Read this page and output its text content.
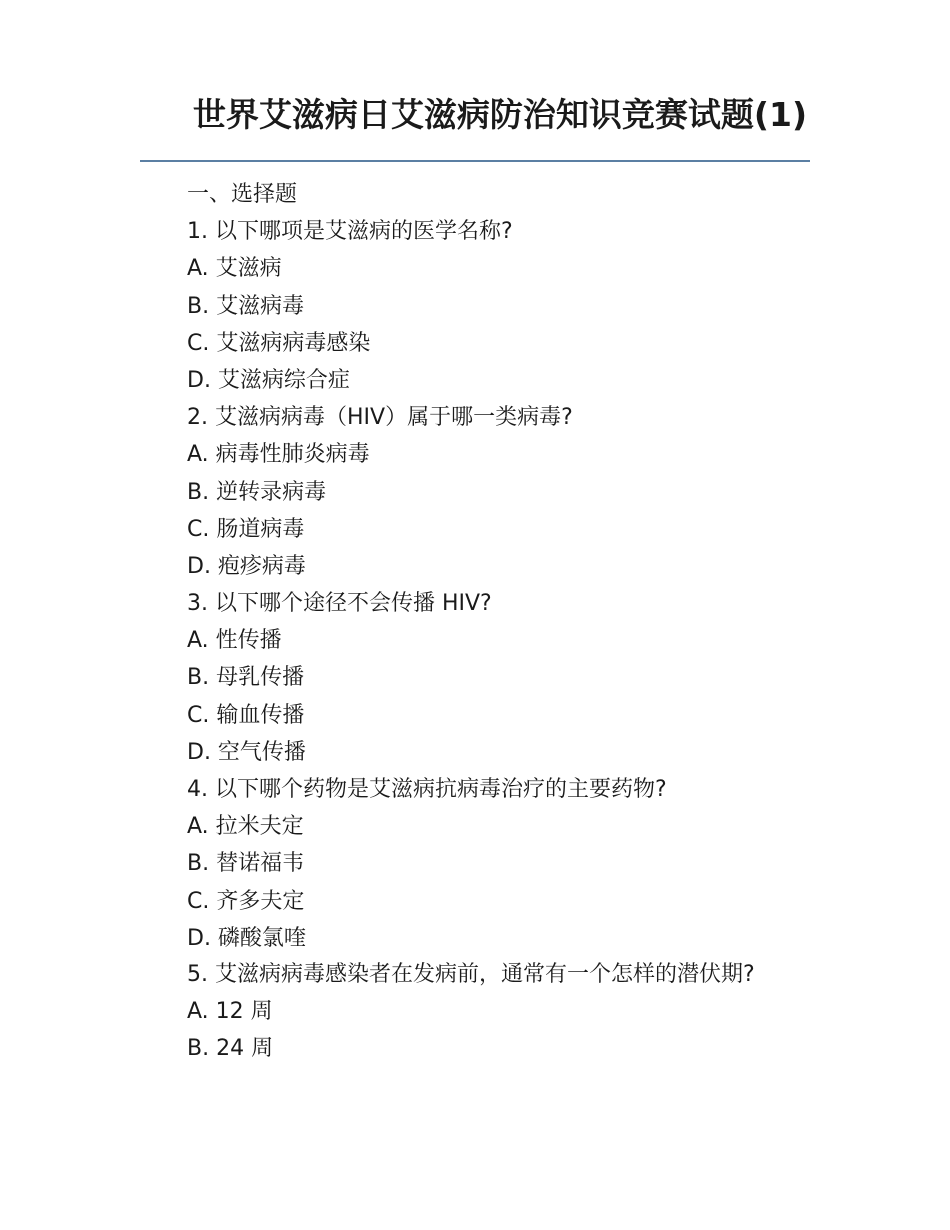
世界艾滋病日艾滋病防治知识竞赛试题(1)
一、选择题
1. 以下哪项是艾滋病的医学名称?
A. 艾滋病
B. 艾滋病毒
C. 艾滋病病毒感染
D. 艾滋病综合症
2. 艾滋病病毒（HIV）属于哪一类病毒?
A. 病毒性肺炎病毒
B. 逆转录病毒
C. 肠道病毒
D. 疱疹病毒
3. 以下哪个途径不会传播 HIV?
A. 性传播
B. 母乳传播
C. 输血传播
D. 空气传播
4. 以下哪个药物是艾滋病抗病毒治疗的主要药物?
A. 拉米夫定
B. 替诺福韦
C. 齐多夫定
D. 磷酸氯喹
5. 艾滋病病毒感染者在发病前，通常有一个怎样的潜伏期?
A. 12 周
B. 24 周
